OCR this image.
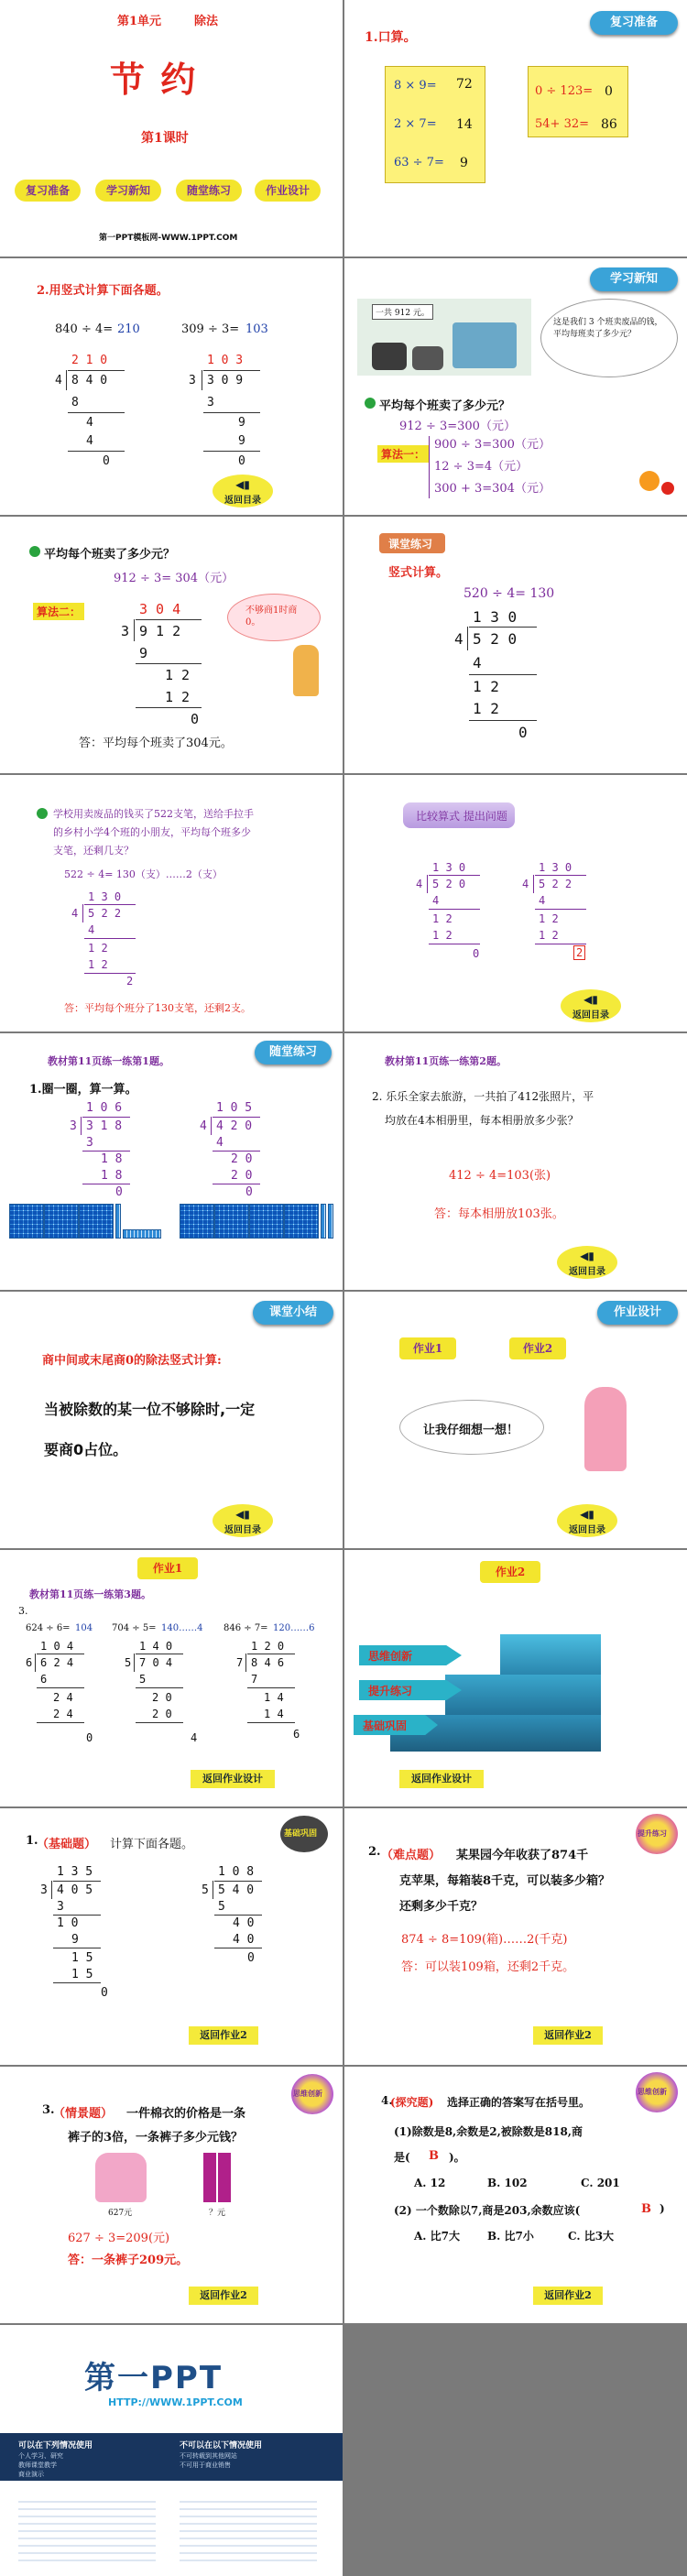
第1单元	除法
节 约
第1课时
复习准备	学习新知	随堂练习	作业设计
第一PPT模板网-WWW.1PPT.COM
复习准备
1.口算。
8 × 9= 72
2 × 7= 14
63 ÷ 7= 9
0 ÷ 123= 0
54+ 32= 86
2.用竖式计算下面各题。
840 ÷ 4= 210	309 ÷ 3= 103
2 1 0
4 8 4 0
8
4
4
0
1 0 3
3 3 0 9
3
9
9
0
◀▮
返回目录
学习新知
一共 912 元。
这是我们 3 个班卖废品的钱，平均每班卖了多少元？
平均每个班卖了多少元？
912 ÷ 3=300（元）
算法一：
900 ÷ 3=300（元）
12 ÷ 3=4（元）
300 + 3=304（元）
平均每个班卖了多少元？
912 ÷ 3= 304（元）
算法二：	3 0 4
3 9 1 2
9
1 2
1 2
0
不够商1时商0。
答：平均每个班卖了304元。
课堂练习
竖式计算。
520 ÷ 4= 130
1 3 0
4 5 2 0
4
1 2
1 2
0
学校用卖废品的钱买了522支笔，送给手拉手
的乡村小学4个班的小朋友，平均每个班多少
支笔，还剩几支？
522 ÷ 4= 130（支）……2（支）
1 3 0
4 5 2 2
4
1 2
1 2
2
答：平均每个班分了130支笔，还剩2支。
比较算式 提出问题
1 3 0
4 5 2 0
4
1 2
1 2
0
1 3 0
4 5 2 2
4
1 2
1 2
2
◀▮
返回目录
教材第11页练一练第1题。
随堂练习
1.圈一圈，算一算。
1 0 6
3 3 1 8
3
1 8
1 8
0
1 0 5
4 4 2 0
4
2 0
2 0
0
教材第11页练一练第2题。
2. 乐乐全家去旅游，一共拍了412张照片，平
均放在4本相册里，每本相册放多少张？
412 ÷ 4=103(张)
答：每本相册放103张。
◀▮
返回目录
课堂小结
商中间或末尾商0的除法竖式计算:
当被除数的某一位不够除时,一定
要商0占位。
◀▮
返回目录
作业设计
作业1	作业2
让我仔细想一想！
◀▮
返回目录
作业1
教材第11页练一练第3题。
3.
624 ÷ 6= 104 704 ÷ 5= 140……4 846 ÷ 7= 120……6
1 0 4
6 6 2 4
6
2 4
2 4
0
1 4 0
5 7 0 4
5
2 0
2 0
4
1 2 0
7 8 4 6
7
1 4
1 4
6
返回作业设计
作业2
思维创新
提升练习
基础巩固
返回作业设计
基础巩固
1.
（基础题） 计算下面各题。
1 3 5
3 4 0 5
3
1 0
9
1 5
1 5
0
1 0 8
5 5 4 0
5
4 0
4 0
0
返回作业2
提升练习
2. （难点题） 某果园今年收获了874千
克苹果，每箱装8千克，可以装多少箱？
还剩多少千克？
874 ÷ 8=109(箱)……2(千克)
答：可以装109箱，还剩2千克。
返回作业2
思维创新
3.
（情景题） 一件棉衣的价格是一条
裤子的3倍，一条裤子多少元钱？
627元	？元
627 ÷ 3=209(元)
答：一条裤子209元。
返回作业2
思维创新
4.
(探究题) 选择正确的答案写在括号里。
(1)除数是8,余数是2,被除数是818,商
是( B )。
A. 12	B. 102	C. 201
(2) 一个数除以7,商是203,余数应该(	B )
A. 比7大 B. 比7小	C. 比3大
返回作业2
第一PPT
HTTP://WWW.1PPT.COM
可以在下列情况使用
个人学习、研究
教师课堂教学
商业演示
不可以在以下情况使用
不可转载到其他网站
不可用于商业销售
